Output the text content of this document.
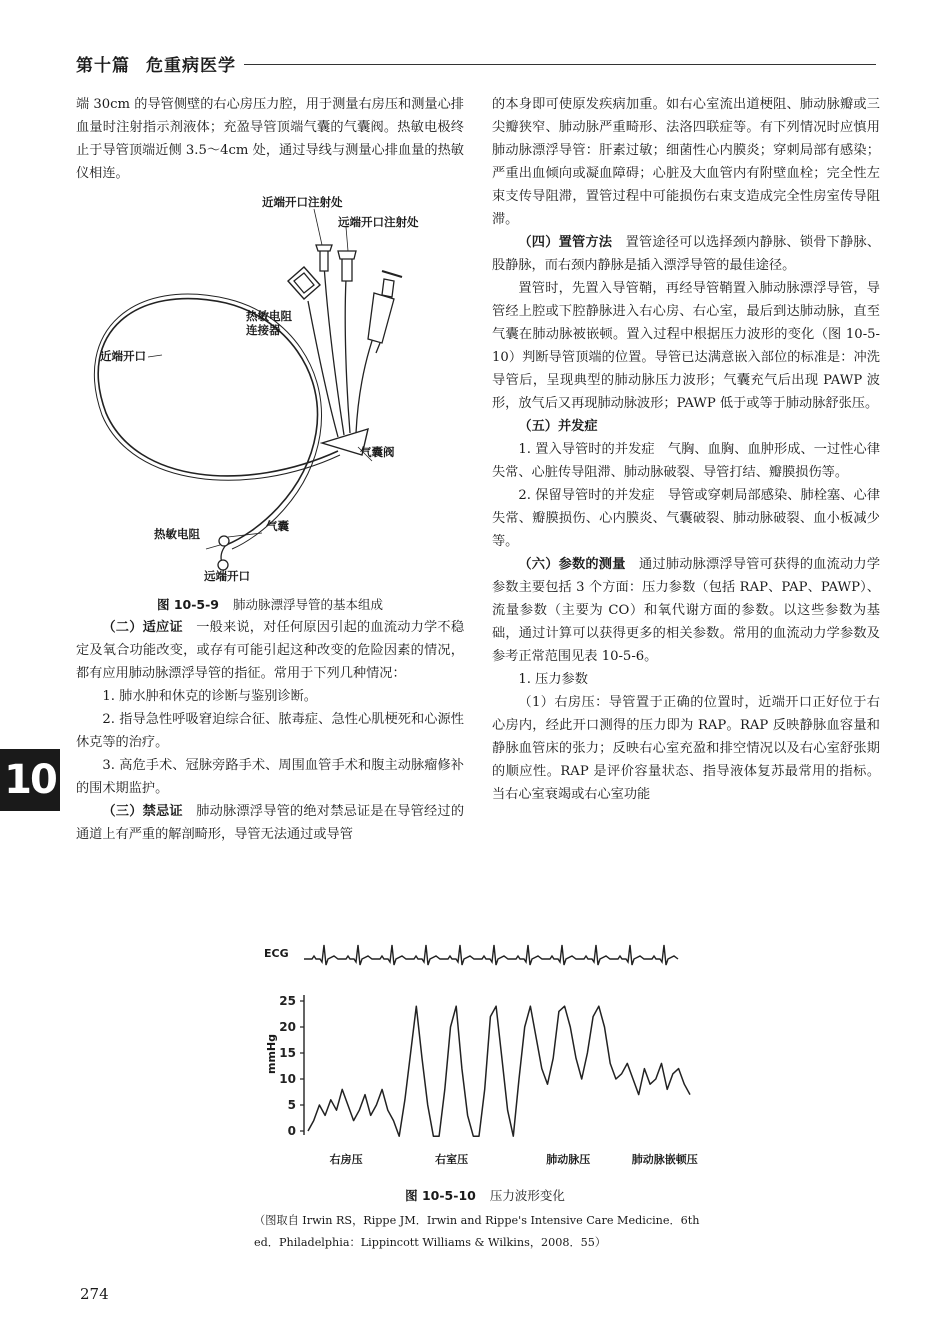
第十篇 危重病医学
10

端 30cm 的导管侧壁的右心房压力腔，用于测量右房压和测量心排血量时注射指示剂液体；充盈导管顶端气囊的气囊阀。热敏电极终止于导管顶端近侧 3.5～4cm 处，通过导线与测量心排血量的热敏仪相连。

近端开口注射处
远端开口注射处
热敏电阻
连接器
近端开口
气囊阀
热敏电阻
气囊
远端开口

图 10-5-9 肺动脉漂浮导管的基本组成

（二）适应证　 一般来说，对任何原因引起的血流动力学不稳定及氧合功能改变，或存有可能引起这种改变的危险因素的情况，都有应用肺动脉漂浮导管的指征。常用于下列几种情况：

1. 肺水肿和休克的诊断与鉴别诊断。

2. 指导急性呼吸窘迫综合征、脓毒症、急性心肌梗死和心源性休克等的治疗。

3. 高危手术、冠脉旁路手术、周围血管手术和腹主动脉瘤修补的围术期监护。

（三）禁忌证　 肺动脉漂浮导管的绝对禁忌证是在导管经过的通道上有严重的解剖畸形，导管无法通过或导管

的本身即可使原发疾病加重。如右心室流出道梗阻、肺动脉瓣或三尖瓣狭窄、肺动脉严重畸形、法洛四联症等。有下列情况时应慎用肺动脉漂浮导管：肝素过敏；细菌性心内膜炎；穿刺局部有感染；严重出血倾向或凝血障碍；心脏及大血管内有附壁血栓；完全性左束支传导阻滞，置管过程中可能损伤右束支造成完全性房室传导阻滞。

（四）置管方法　 置管途径可以选择颈内静脉、锁骨下静脉、股静脉，而右颈内静脉是插入漂浮导管的最佳途径。

置管时，先置入导管鞘，再经导管鞘置入肺动脉漂浮导管，导管经上腔或下腔静脉进入右心房、右心室，最后到达肺动脉，直至气囊在肺动脉被嵌顿。置入过程中根据压力波形的变化（图 10-5-10）判断导管顶端的位置。导管已达满意嵌入部位的标准是：冲洗导管后，呈现典型的肺动脉压力波形；气囊充气后出现 PAWP 波形，放气后又再现肺动脉波形；PAWP 低于或等于肺动脉舒张压。

（五）并发症

1. 置入导管时的并发症　 气胸、血胸、血肿形成、一过性心律失常、心脏传导阻滞、肺动脉破裂、导管打结、瓣膜损伤等。

2. 保留导管时的并发症　 导管或穿刺局部感染、肺栓塞、心律失常、瓣膜损伤、心内膜炎、气囊破裂、肺动脉破裂、血小板减少等。

（六）参数的测量　 通过肺动脉漂浮导管可获得的血流动力学参数主要包括 3 个方面：压力参数（包括 RAP、PAP、PAWP）、流量参数（主要为 CO）和氧代谢方面的参数。以这些参数为基础，通过计算可以获得更多的相关参数。常用的血流动力学参数及参考正常范围见表 10-5-6。

1. 压力参数

（1）右房压：导管置于正确的位置时，近端开口正好位于右心房内，经此开口测得的压力即为 RAP。RAP 反映静脉血容量和静脉血管床的张力；反映右心室充盈和排空情况以及右心室舒张期的顺应性。RAP 是评价容量状态、指导液体复苏最常用的指标。当右心室衰竭或右心室功能

0
5
10
15
20
25
ECG
mmHg
右房压	右室压	肺动脉压	肺动脉嵌顿压
图 10-5-10 压力波形变化
（图取自 Irwin RS，Rippe JM．Irwin and Rippe's Intensive Care Medicine．6th
ed．Philadelphia：Lippincott Williams & Wilkins，2008．55）
274
